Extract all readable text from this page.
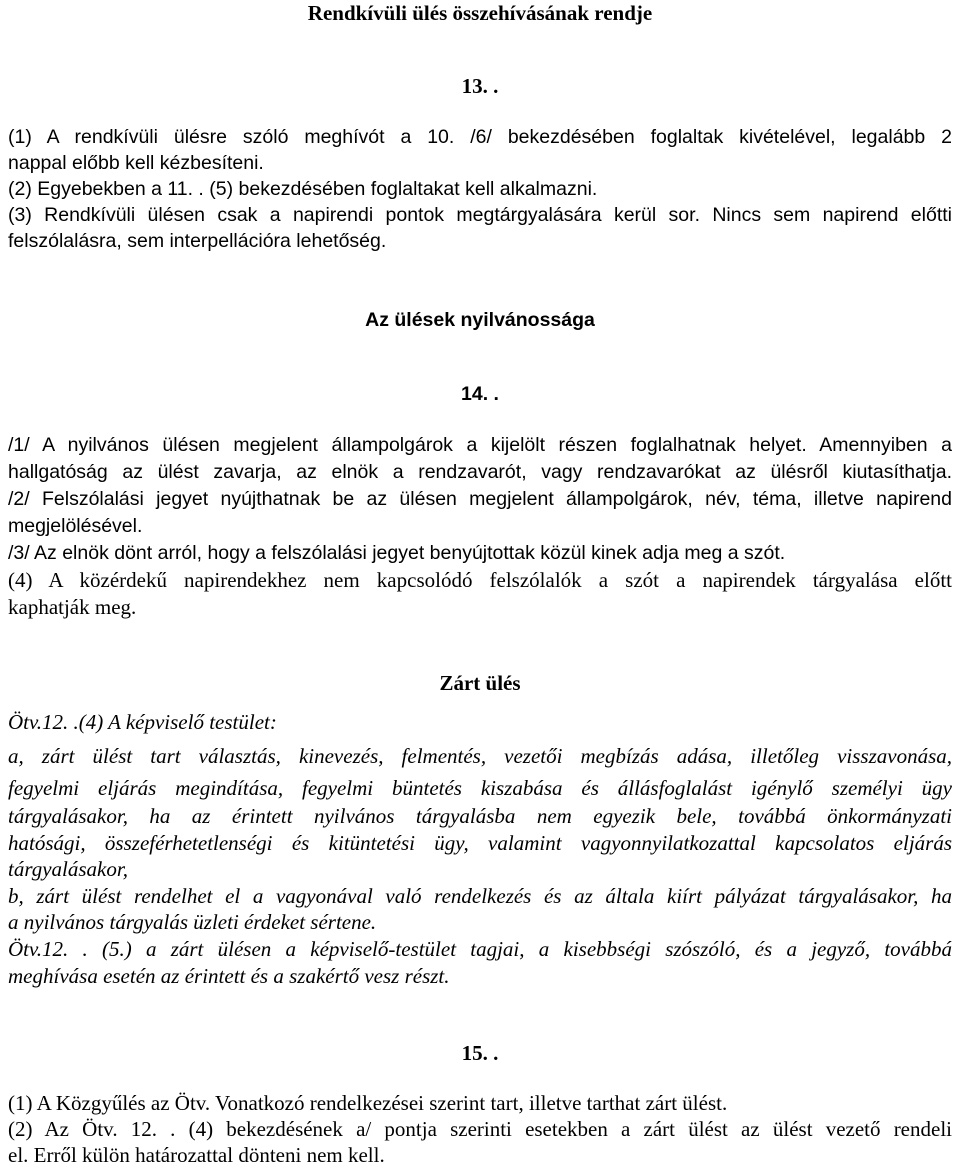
Rendkívüli ülés összehívásának rendje
13. .
(1) A rendkívüli ülésre szóló meghívót a 10. /6/ bekezdésében foglaltak kivételével, legalább 2
nappal előbb kell kézbesíteni.
(2) Egyebekben a 11. . (5) bekezdésében foglaltakat kell alkalmazni.
(3) Rendkívüli ülésen csak a napirendi pontok megtárgyalására kerül sor. Nincs sem napirend előtti
felszólalásra, sem interpellációra lehetőség.
Az ülések nyilvánossága
14. .
/1/ A nyilvános ülésen megjelent állampolgárok a kijelölt részen foglalhatnak helyet. Amennyiben a
hallgatóság az ülést zavarja, az elnök a rendzavarót, vagy rendzavarókat az ülésről kiutasíthatja.
/2/ Felszólalási jegyet nyújthatnak be az ülésen megjelent állampolgárok, név, téma, illetve napirend
megjelölésével.
/3/ Az elnök dönt arról, hogy a felszólalási jegyet benyújtottak közül kinek adja meg a szót.
(4) A közérdekű napirendekhez nem kapcsolódó felszólalók a szót a napirendek tárgyalása előtt
kaphatják meg.
Zárt ülés
Ötv.12. .(4) A képviselő testület:
a, zárt ülést tart választás, kinevezés, felmentés, vezetői megbízás adása, illetőleg visszavonása,
fegyelmi eljárás megindítása, fegyelmi büntetés kiszabása és állásfoglalást igénylő személyi ügy
tárgyalásakor, ha az érintett nyilvános tárgyalásba nem egyezik bele, továbbá önkormányzati
hatósági, összeférhetetlenségi és kitüntetési ügy, valamint vagyonnyilatkozattal kapcsolatos eljárás
tárgyalásakor,
b, zárt ülést rendelhet el a vagyonával való rendelkezés és az általa kiírt pályázat tárgyalásakor, ha
a nyilvános tárgyalás üzleti érdeket sértene.
Ötv.12. . (5.) a zárt ülésen a képviselő-testület tagjai, a kisebbségi szószóló, és a jegyző, továbbá
meghívása esetén az érintett és a szakértő vesz részt.
15. .
(1) A Közgyűlés az Ötv. Vonatkozó rendelkezései szerint tart, illetve tarthat zárt ülést.
(2) Az Ötv. 12. . (4) bekezdésének a/ pontja szerinti esetekben a zárt ülést az ülést vezető rendeli
el. Erről külön határozattal dönteni nem kell.
